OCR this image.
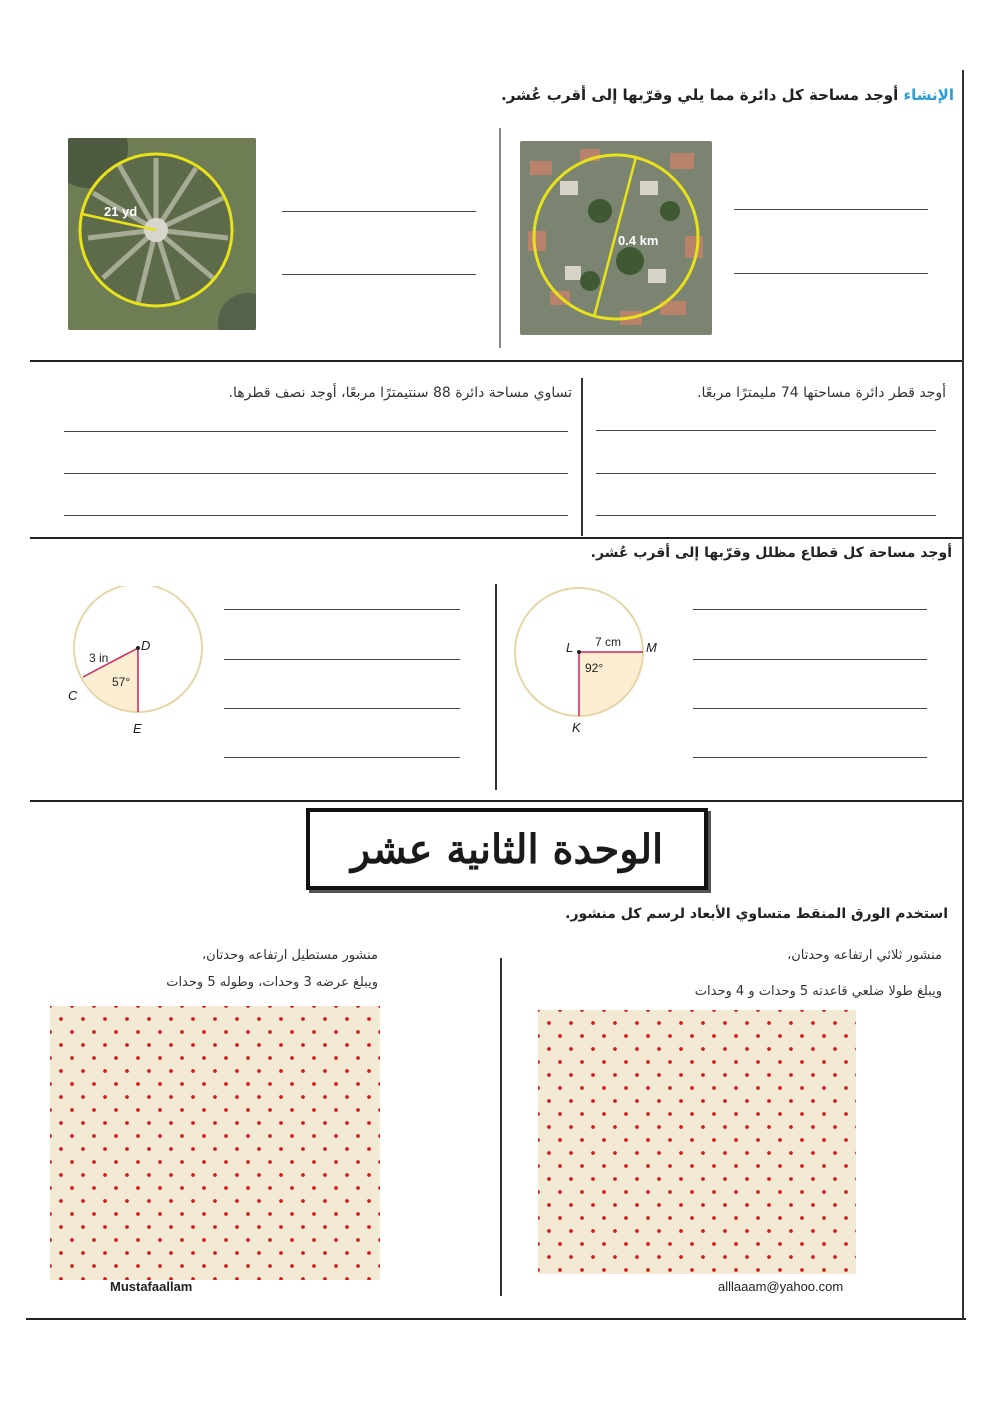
الإنشاء أوجد مساحة كل دائرة مما يلي وقرّبها إلى أقرب عُشر.
21 yd
0.4 km
أوجد قطر دائرة مساحتها 74 مليمترًا مربعًا.
تساوي مساحة دائرة 88 سنتيمترًا مربعًا، أوجد نصف قطرها.
أوجد مساحة كل قطاع مظلل وقرّبها إلى أقرب عُشر.
3 in
57°
D
C
E
7 cm
92°
L	M
K
الوحدة الثانية عشر
استخدم الورق المنقط متساوي الأبعاد لرسم كل منشور.
منشور ثلاثي ارتفاعه وحدتان،
ويبلغ طولا ضلعي قاعدته 5 وحدات و 4 وحدات
منشور مستطيل ارتفاعه وحدتان،
ويبلغ عرضه 3 وحدات، وطوله 5 وحدات
Mustafaallam	alllaaam@yahoo.com
